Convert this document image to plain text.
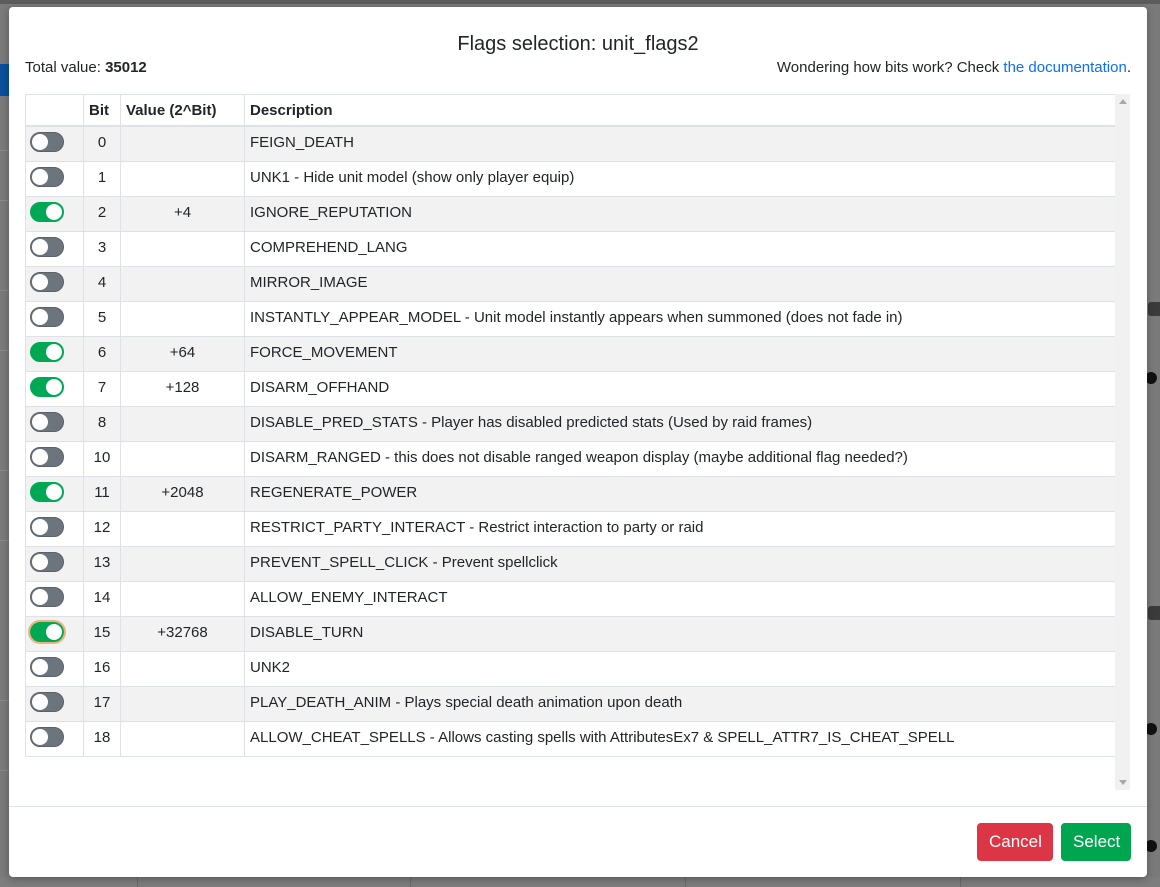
Flags selection: unit_flags2
Total value: 35012	Wondering how bits work? Check the documentation.
	Bit	Value (2^Bit)	Description

	0		FEIGN_DEATH

	1		UNK1 - Hide unit model (show only player equip)

	2	+4	IGNORE_REPUTATION

	3		COMPREHEND_LANG

	4		MIRROR_IMAGE

	5		INSTANTLY_APPEAR_MODEL - Unit model instantly appears when summoned (does not fade in)

	6	+64	FORCE_MOVEMENT

	7	+128	DISARM_OFFHAND

	8		DISABLE_PRED_STATS - Player has disabled predicted stats (Used by raid frames)

	10		DISARM_RANGED - this does not disable ranged weapon display (maybe additional flag needed?)

	11	+2048	REGENERATE_POWER

	12		RESTRICT_PARTY_INTERACT - Restrict interaction to party or raid

	13		PREVENT_SPELL_CLICK - Prevent spellclick

	14		ALLOW_ENEMY_INTERACT

	15	+32768	DISABLE_TURN

	16		UNK2

	17		PLAY_DEATH_ANIM - Plays special death animation upon death

	18		ALLOW_CHEAT_SPELLS - Allows casting spells with AttributesEx7 & SPELL_ATTR7_IS_CHEAT_SPELL
Cancel	Select
